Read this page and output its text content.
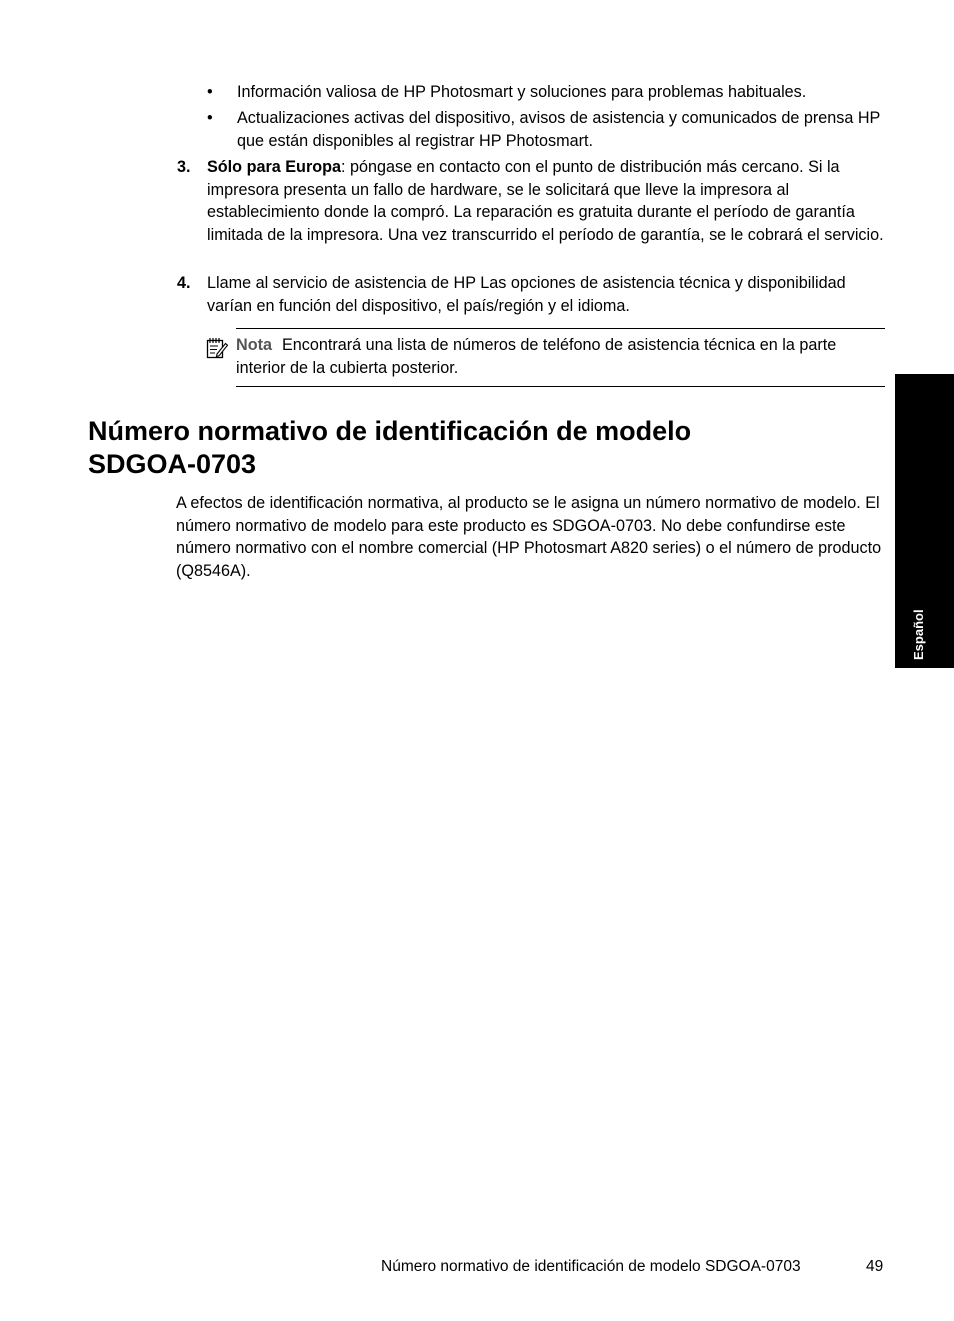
• Información valiosa de HP Photosmart y soluciones para problemas habituales.
• Actualizaciones activas del dispositivo, avisos de asistencia y comunicados de prensa HP que están disponibles al registrar HP Photosmart.
3. Sólo para Europa: póngase en contacto con el punto de distribución más cercano. Si la impresora presenta un fallo de hardware, se le solicitará que lleve la impresora al establecimiento donde la compró. La reparación es gratuita durante el período de garantía limitada de la impresora. Una vez transcurrido el período de garantía, se le cobrará el servicio.
4. Llame al servicio de asistencia de HP Las opciones de asistencia técnica y disponibilidad varían en función del dispositivo, el país/región y el idioma.
Nota Encontrará una lista de números de teléfono de asistencia técnica en la parte interior de la cubierta posterior.
Número normativo de identificación de modelo SDGOA-0703
A efectos de identificación normativa, al producto se le asigna un número normativo de modelo. El número normativo de modelo para este producto es SDGOA-0703. No debe confundirse este número normativo con el nombre comercial (HP Photosmart A820 series) o el número de producto (Q8546A).
Español
Número normativo de identificación de modelo SDGOA-0703	49
